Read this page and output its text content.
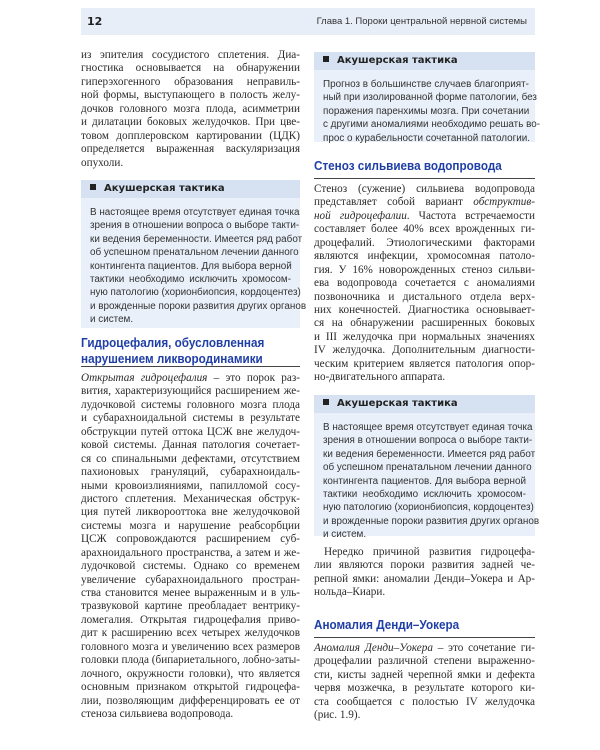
12	Глава 1. Пороки центральной нервной системы
из эпителия сосудистого сплетения. Диа-
гностика основывается на обнаружении
гиперэхогенного образования неправиль-
ной формы, выступающего в полость желу-
дочков головного мозга плода, асимметрии
и дилатации боковых желудочков. При цве-
товом допплеровском картировании (ЦДК)
определяется выраженная васкуляризация
опухоли.
Акушерская тактика
В настоящее время отсутствует единая точка
зрения в отношении вопроса о выборе такти-
ки ведения беременности. Имеется ряд работ
об успешном пренатальном лечении данного
контингента пациентов. Для выбора верной
тактики необходимо исключить хромосом-
ную патологию (хорионбиопсия, кордоцентез)
и врожденные пороки развития других органов
и систем.
Гидроцефалия, обусловленная
нарушением ликвородинамики
Открытая гидроцефалия – это порок раз-
вития, характеризующийся расширением же-
лудочковой системы головного мозга плода
и субарахноидальной системы в результате
обструкции путей оттока ЦСЖ вне желудоч-
ковой системы. Данная патология сочетает-
ся со спинальными дефектами, отсутствием
пахионовых грануляций, субарахноидаль-
ными кровоизлияниями, папилломой сосу-
дистого сплетения. Механическая обструк-
ция путей ликворооттока вне желудочковой
системы мозга и нарушение реабсорбции
ЦСЖ сопровождаются расширением суб-
арахноидального пространства, а затем и же-
лудочковой системы. Однако со временем
увеличение субарахноидального простран-
ства становится менее выраженным и в уль-
тразвуковой картине преобладает вентрику-
ломегалия. Открытая гидроцефалия приво-
дит к расширению всех четырех желудочков
головного мозга и увеличению всех размеров
головки плода (бипариетального, лобно-заты-
лочного, окружности головки), что является
основным признаком открытой гидроцефа-
лии, позволяющим дифференцировать ее от
стеноза сильвиева водопровода.
Акушерская тактика
Прогноз в большинстве случаев благоприят-
ный при изолированной форме патологии, без
поражения паренхимы мозга. При сочетании
с другими аномалиями необходимо решать во-
прос о курабельности сочетанной патологии.
Стеноз сильвиева водопровода
Стеноз (сужение) сильвиева водопровода
представляет собой вариант обструктив-
ной гидроцефалии. Частота встречаемости
составляет более 40% всех врожденных ги-
дроцефалий. Этиологическими факторами
являются инфекции, хромосомная патоло-
гия. У 16% новорожденных стеноз сильви-
ева водопровода сочетается с аномалиями
позвоночника и дистального отдела верх-
них конечностей. Диагностика основывает-
ся на обнаружении расширенных боковых
и III желудочка при нормальных значениях
IV желудочка. Дополнительным диагности-
ческим критерием является патология опор-
но-двигательного аппарата.
Акушерская тактика
В настоящее время отсутствует единая точка
зрения в отношении вопроса о выборе такти-
ки ведения беременности. Имеется ряд работ
об успешном пренатальном лечении данного
контингента пациентов. Для выбора верной
тактики необходимо исключить хромосом-
ную патологию (хорионбиопсия, кордоцентез)
и врожденные пороки развития других органов
и систем.
Нередко причиной развития гидроцефа-
лии являются пороки развития задней че-
репной ямки: аномалии Денди–Уокера и Ар-
нольда–Киари.
Аномалия Денди–Уокера
Аномалия Денди–Уокера – это сочетание ги-
дроцефалии различной степени выраженно-
сти, кисты задней черепной ямки и дефекта
червя мозжечка, в результате которого ки-
ста сообщается с полостью IV желудочка
(рис. 1.9).
